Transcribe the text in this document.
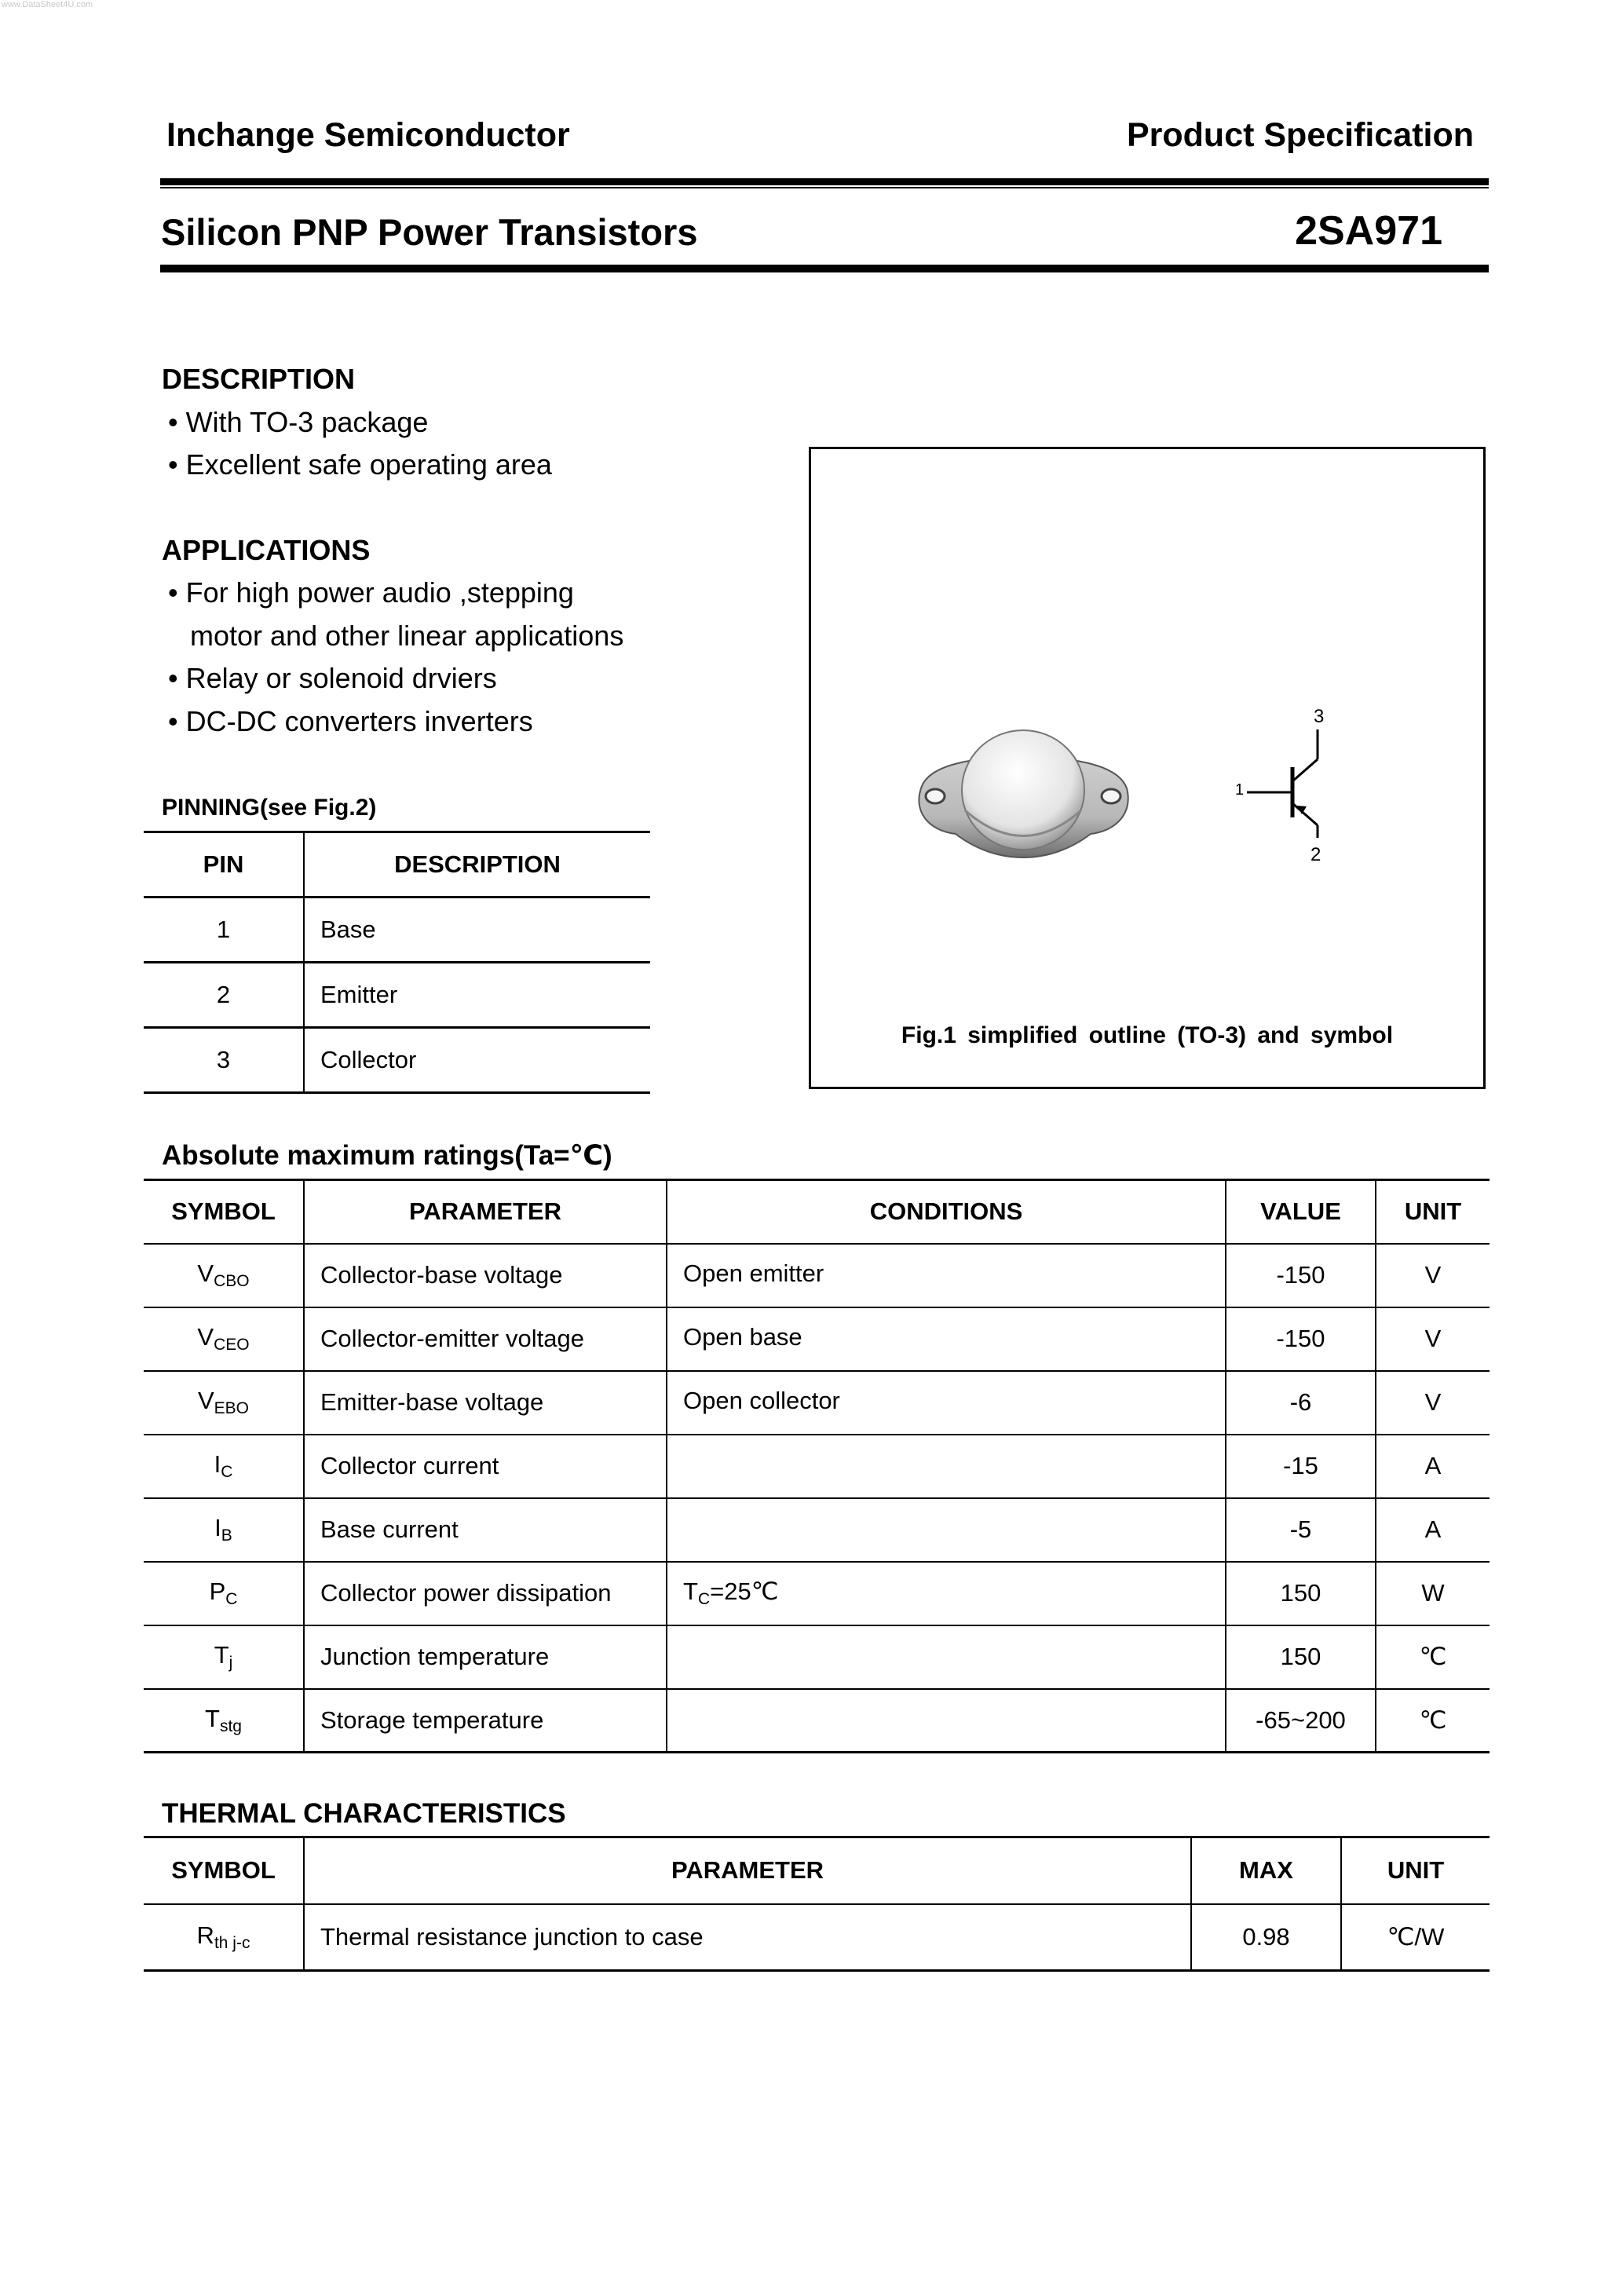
www.DataSheet4U.com
Inchange Semiconductor	Product Specification
Silicon PNP Power Transistors	2SA971
DESCRIPTION
• With TO-3 package
• Excellent safe operating area
APPLICATIONS
• For high power audio ,stepping
motor and other linear applications
• Relay or solenoid drviers
• DC-DC converters inverters
PINNING(see Fig.2)
PIN	DESCRIPTION
1	Base
2	Emitter
3	Collector
1
2
3
Fig.1 simplified outline (TO-3) and symbol
Absolute maximum ratings(Ta=℃)
SYMBOL	PARAMETER	CONDITIONS	VALUE	UNIT
$V_{CBO}$	Collector-base voltage	Open emitter	-150	V
$V_{CEO}$	Collector-emitter voltage	Open base	-150	V
$V_{EBO}$	Emitter-base voltage	Open collector	-6	V
$I_C$	Collector current		-15	A
$I_B$	Base current		-5	A
$P_C$	Collector power dissipation	$T_C=25℃$	150	W
$T_j$	Junction temperature		150	℃
$T_{stg}$	Storage temperature		-65~200	℃
THERMAL CHARACTERISTICS
SYMBOL	PARAMETER	MAX	UNIT
$R_{th j-c}$	Thermal resistance junction to case	0.98	℃/W
